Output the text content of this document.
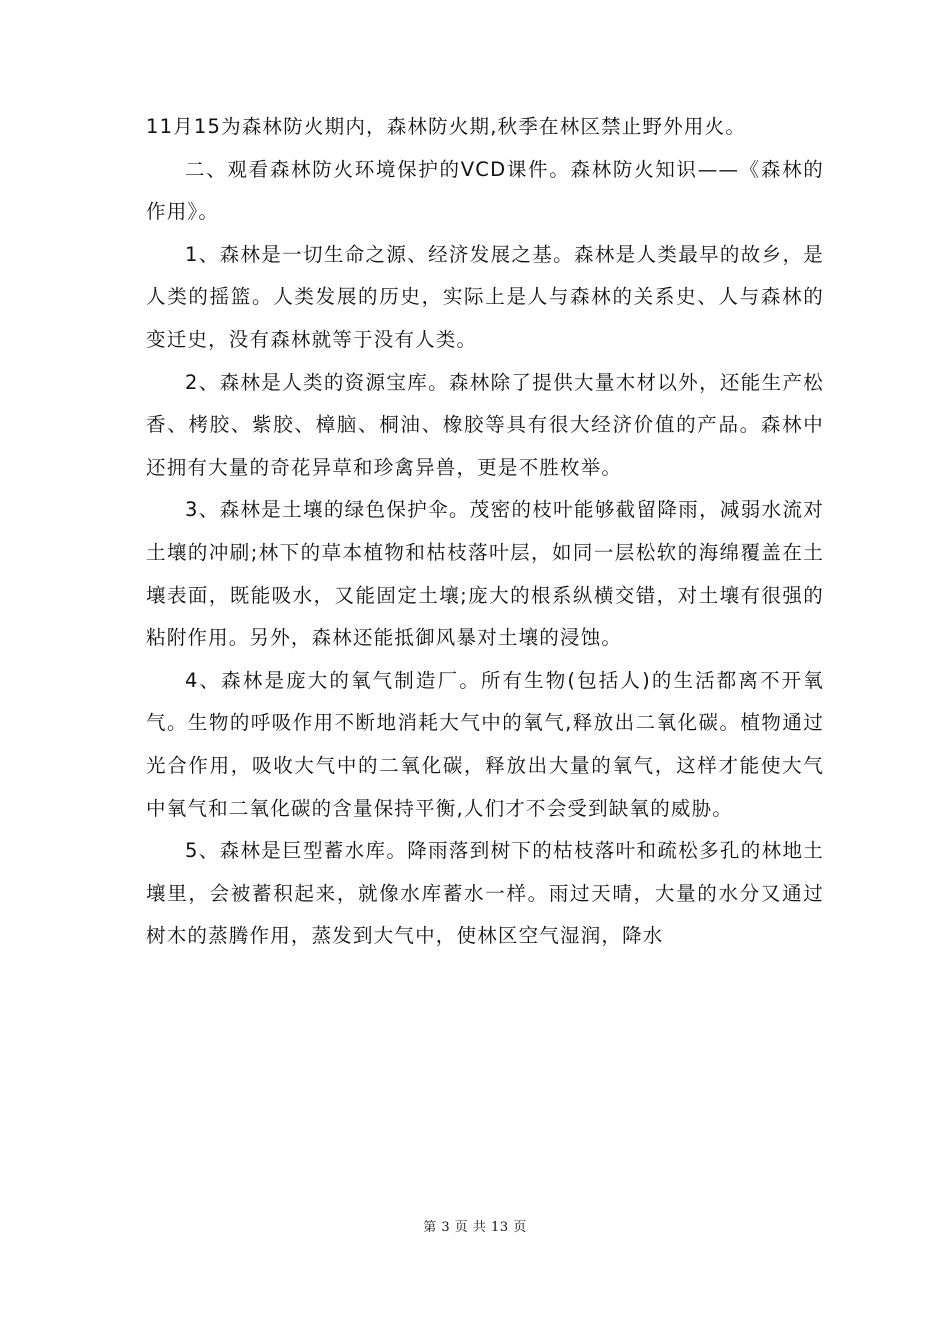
11月15为森林防火期内，森林防火期,秋季在林区禁止野外用火。

二、观看森林防火环境保护的VCD课件。森林防火知识——《森林的作用》。

1、森林是一切生命之源、经济发展之基。森林是人类最早的故乡，是人类的摇篮。人类发展的历史，实际上是人与森林的关系史、人与森林的变迁史，没有森林就等于没有人类。

2、森林是人类的资源宝库。森林除了提供大量木材以外，还能生产松香、栲胶、紫胶、樟脑、桐油、橡胶等具有很大经济价值的产品。森林中还拥有大量的奇花异草和珍禽异兽，更是不胜枚举。

3、森林是土壤的绿色保护伞。茂密的枝叶能够截留降雨，减弱水流对土壤的冲刷;林下的草本植物和枯枝落叶层，如同一层松软的海绵覆盖在土壤表面，既能吸水，又能固定土壤;庞大的根系纵横交错，对土壤有很强的粘附作用。另外，森林还能抵御风暴对土壤的浸蚀。

4、森林是庞大的氧气制造厂。所有生物(包括人)的生活都离不开氧气。生物的呼吸作用不断地消耗大气中的氧气,释放出二氧化碳。植物通过光合作用，吸收大气中的二氧化碳，释放出大量的氧气，这样才能使大气中氧气和二氧化碳的含量保持平衡,人们才不会受到缺氧的威胁。

5、森林是巨型蓄水库。降雨落到树下的枯枝落叶和疏松多孔的林地土壤里，会被蓄积起来，就像水库蓄水一样。雨过天晴，大量的水分又通过树木的蒸腾作用，蒸发到大气中，使林区空气湿润，降水

第 3 页 共 13 页
